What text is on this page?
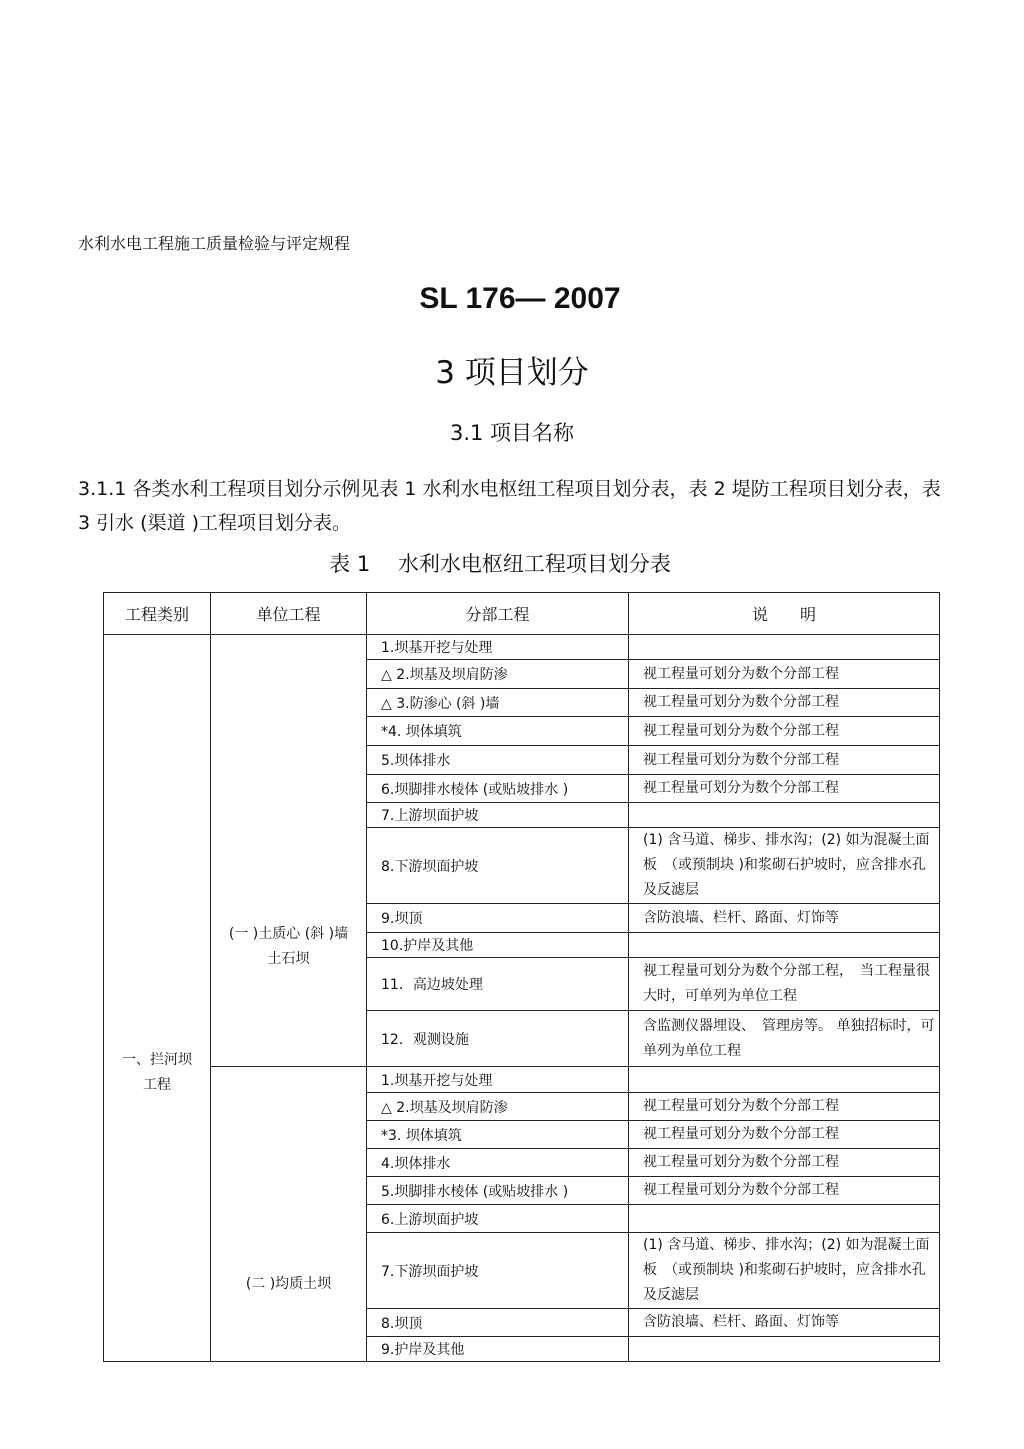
水利水电工程施工质量检验与评定规程
SL 176— 2007
3 项目划分
3.1 项目名称
3.1.1 各类水利工程项目划分示例见表 1 水利水电枢纽工程项目划分表，表 2 堤防工程项目划分表，表 3 引水 (渠道 )工程项目划分表。
表 1　 水利水电枢纽工程项目划分表
工程类别	单位工程	分部工程	说　　明

一、拦河坝工程	(一 )土质心 (斜 )墙土石坝	1.坝基开挖与处理	
		△ 2.坝基及坝肩防渗	视工程量可划分为数个分部工程
		△ 3.防渗心 (斜 )墙	视工程量可划分为数个分部工程
		*4. 坝体填筑	视工程量可划分为数个分部工程
		5.坝体排水	视工程量可划分为数个分部工程
		6.坝脚排水棱体 (或贴坡排水 )	视工程量可划分为数个分部工程
		7.上游坝面护坡	
		8.下游坝面护坡	(1) 含马道、梯步、排水沟；(2) 如为混凝土面板　（或预制块 )和浆砌石护坡时，应含排水孔及反滤层
		9.坝顶	含防浪墙、栏杆、路面、灯饰等
		10.护岸及其他	
		11．高边坡处理	视工程量可划分为数个分部工程，　当工程量很大时，可单列为单位工程
		12．观测设施	含监测仪器埋设、　管理房等。 单独招标时，可单列为单位工程

	(二 )均质土坝	1.坝基开挖与处理	
		△ 2.坝基及坝肩防渗	视工程量可划分为数个分部工程
		*3. 坝体填筑	视工程量可划分为数个分部工程
		4.坝体排水	视工程量可划分为数个分部工程
		5.坝脚排水棱体 (或贴坡排水 )	视工程量可划分为数个分部工程
		6.上游坝面护坡	
		7.下游坝面护坡	(1) 含马道、梯步、排水沟；(2) 如为混凝土面板　（或预制块 )和浆砌石护坡时，应含排水孔及反滤层
		8.坝顶	含防浪墙、栏杆、路面、灯饰等
		9.护岸及其他	
